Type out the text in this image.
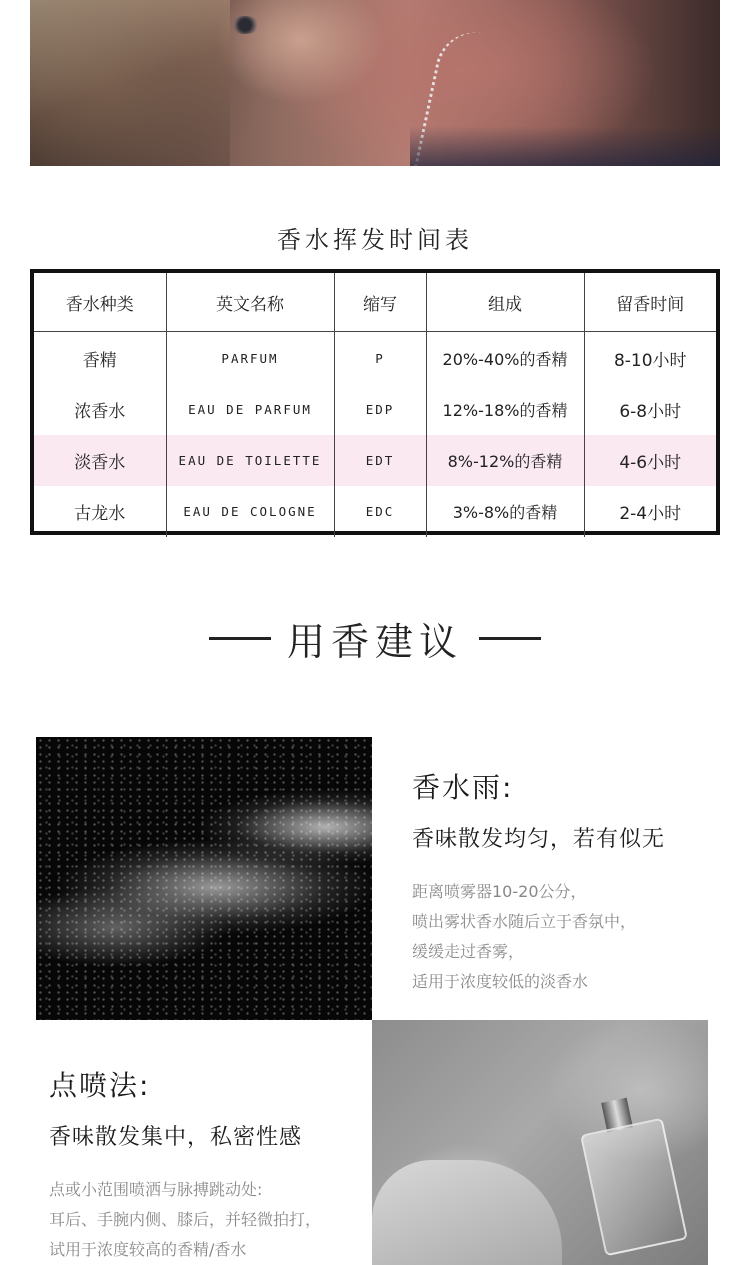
香水挥发时间表
香水种类	英文名称	缩写	组成	留香时间
香精	PARFUM	P	20%-40%的香精	8-10小时
浓香水	EAU DE PARFUM	EDP	12%-18%的香精	6-8小时
淡香水	EAU DE TOILETTE	EDT	8%-12%的香精	4-6小时
古龙水	EAU DE COLOGNE	EDC	3%-8%的香精	2-4小时
用香建议
香水雨:
香味散发均匀，若有似无
距离喷雾器10-20公分，
喷出雾状香水随后立于香氛中，
缓缓走过香雾，
适用于浓度较低的淡香水
点喷法:
香味散发集中，私密性感
点或小范围喷洒与脉搏跳动处:
耳后、手腕内侧、膝后，并轻微拍打，
试用于浓度较高的香精/香水
